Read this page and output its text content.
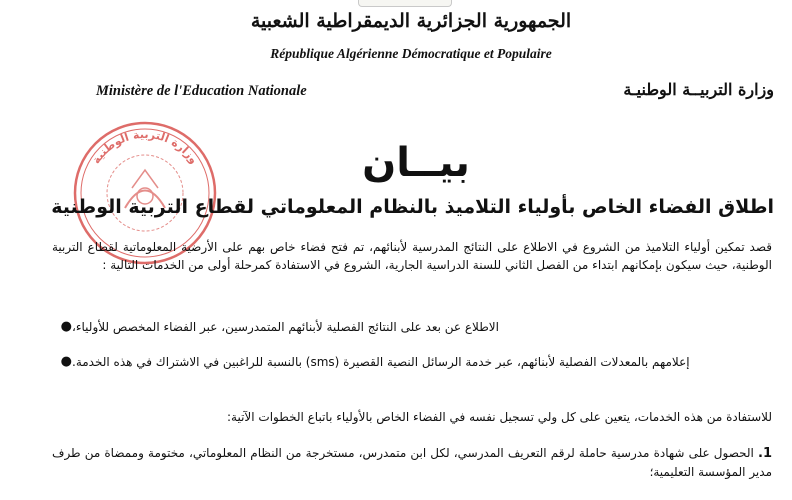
الجمهورية الجزائرية الديمقراطية الشعبية
République Algérienne Démocratique et Populaire
Ministère de l'Education Nationale	وزارة التربيــة الوطنيـة
وزارة التربية الوطنية	بيــان
اطلاق الفضاء الخاص بأولياء التلاميذ بالنظام المعلوماتي لقطاع التربية الوطنية
قصد تمكين أولياء التلاميذ من الشروع في الاطلاع على النتائج المدرسية لأبنائهم، تم فتح فضاء خاص بهم على الأرضية المعلوماتية لقطاع التربية الوطنية، حيث سيكون بإمكانهم ابتداء من الفصل الثاني للسنة الدراسية الجارية، الشروع في الاستفادة كمرحلة أولى من الخدمات التالية :
● الاطلاع عن بعد على النتائج الفصلية لأبنائهم المتمدرسين، عبر الفضاء المخصص للأولياء،
● إعلامهم بالمعدلات الفصلية لأبنائهم، عبر خدمة الرسائل النصية القصيرة (sms) بالنسبة للراغبين في الاشتراك في هذه الخدمة.
للاستفادة من هذه الخدمات، يتعين على كل ولي تسجيل نفسه في الفضاء الخاص بالأولياء باتباع الخطوات الآتية:
1. الحصول على شهادة مدرسية حاملة لرقم التعريف المدرسي، لكل ابن متمدرس، مستخرجة من النظام المعلوماتي، مختومة وممضاة من طرف مدير المؤسسة التعليمية؛
